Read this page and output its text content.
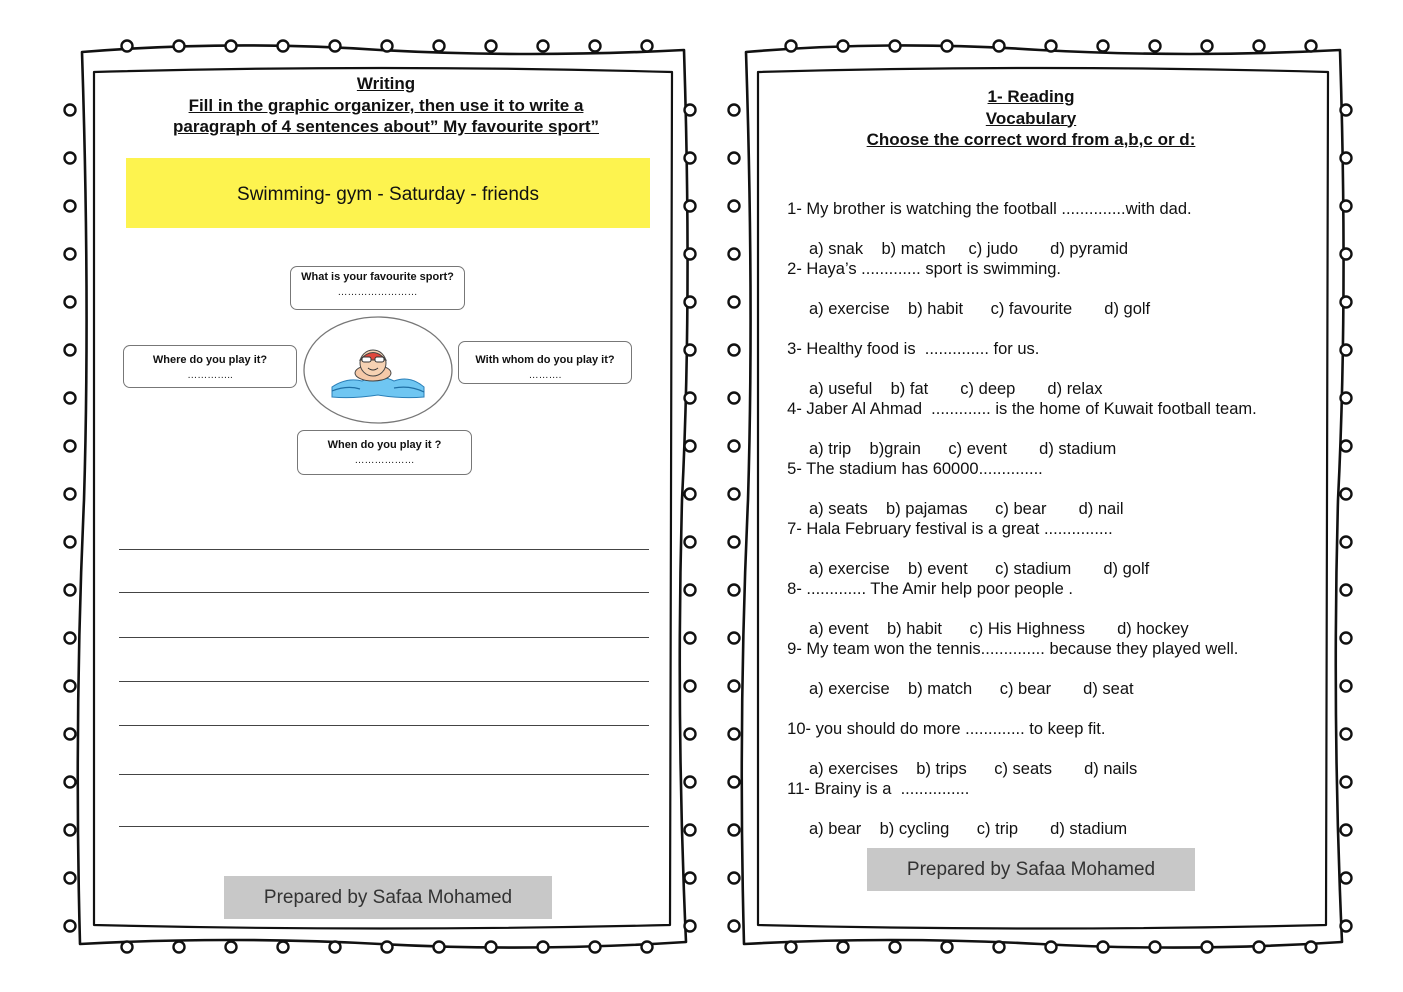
Writing
Fill in the graphic organizer, then use it to write a
paragraph of 4 sentences about” My favourite sport”
Swimming- gym - Saturday - friends
What is your favourite sport?
……………………
Where do you play it?
…………..
With whom do you play it?
……….
When do you play it ?
………………
Prepared by Safaa Mohamed
1- Reading
Vocabulary
Choose the correct word from a,b,c or d:

1- My brother is watching the football ..............with dad.

a) snak    b) match     c) judo       d) pyramid

2- Haya’s ............. sport is swimming.

a) exercise    b) habit      c) favourite       d) golf

3- Healthy food is  .............. for us.

a) useful    b) fat       c) deep       d) relax

4- Jaber Al Ahmad  ............. is the home of Kuwait football team.

a) trip    b)grain      c) event       d) stadium

5- The stadium has 60000..............

a) seats    b) pajamas      c) bear       d) nail

7- Hala February festival is a great ...............

a) exercise    b) event      c) stadium       d) golf

8- ............. The Amir help poor people .

a) event    b) habit      c) His Highness       d) hockey

9- My team won the tennis.............. because they played well.

a) exercise    b) match      c) bear       d) seat

10- you should do more ............. to keep fit.

a) exercises    b) trips      c) seats       d) nails

11- Brainy is a  ...............

a) bear    b) cycling      c) trip       d) stadium

Prepared by Safaa Mohamed
